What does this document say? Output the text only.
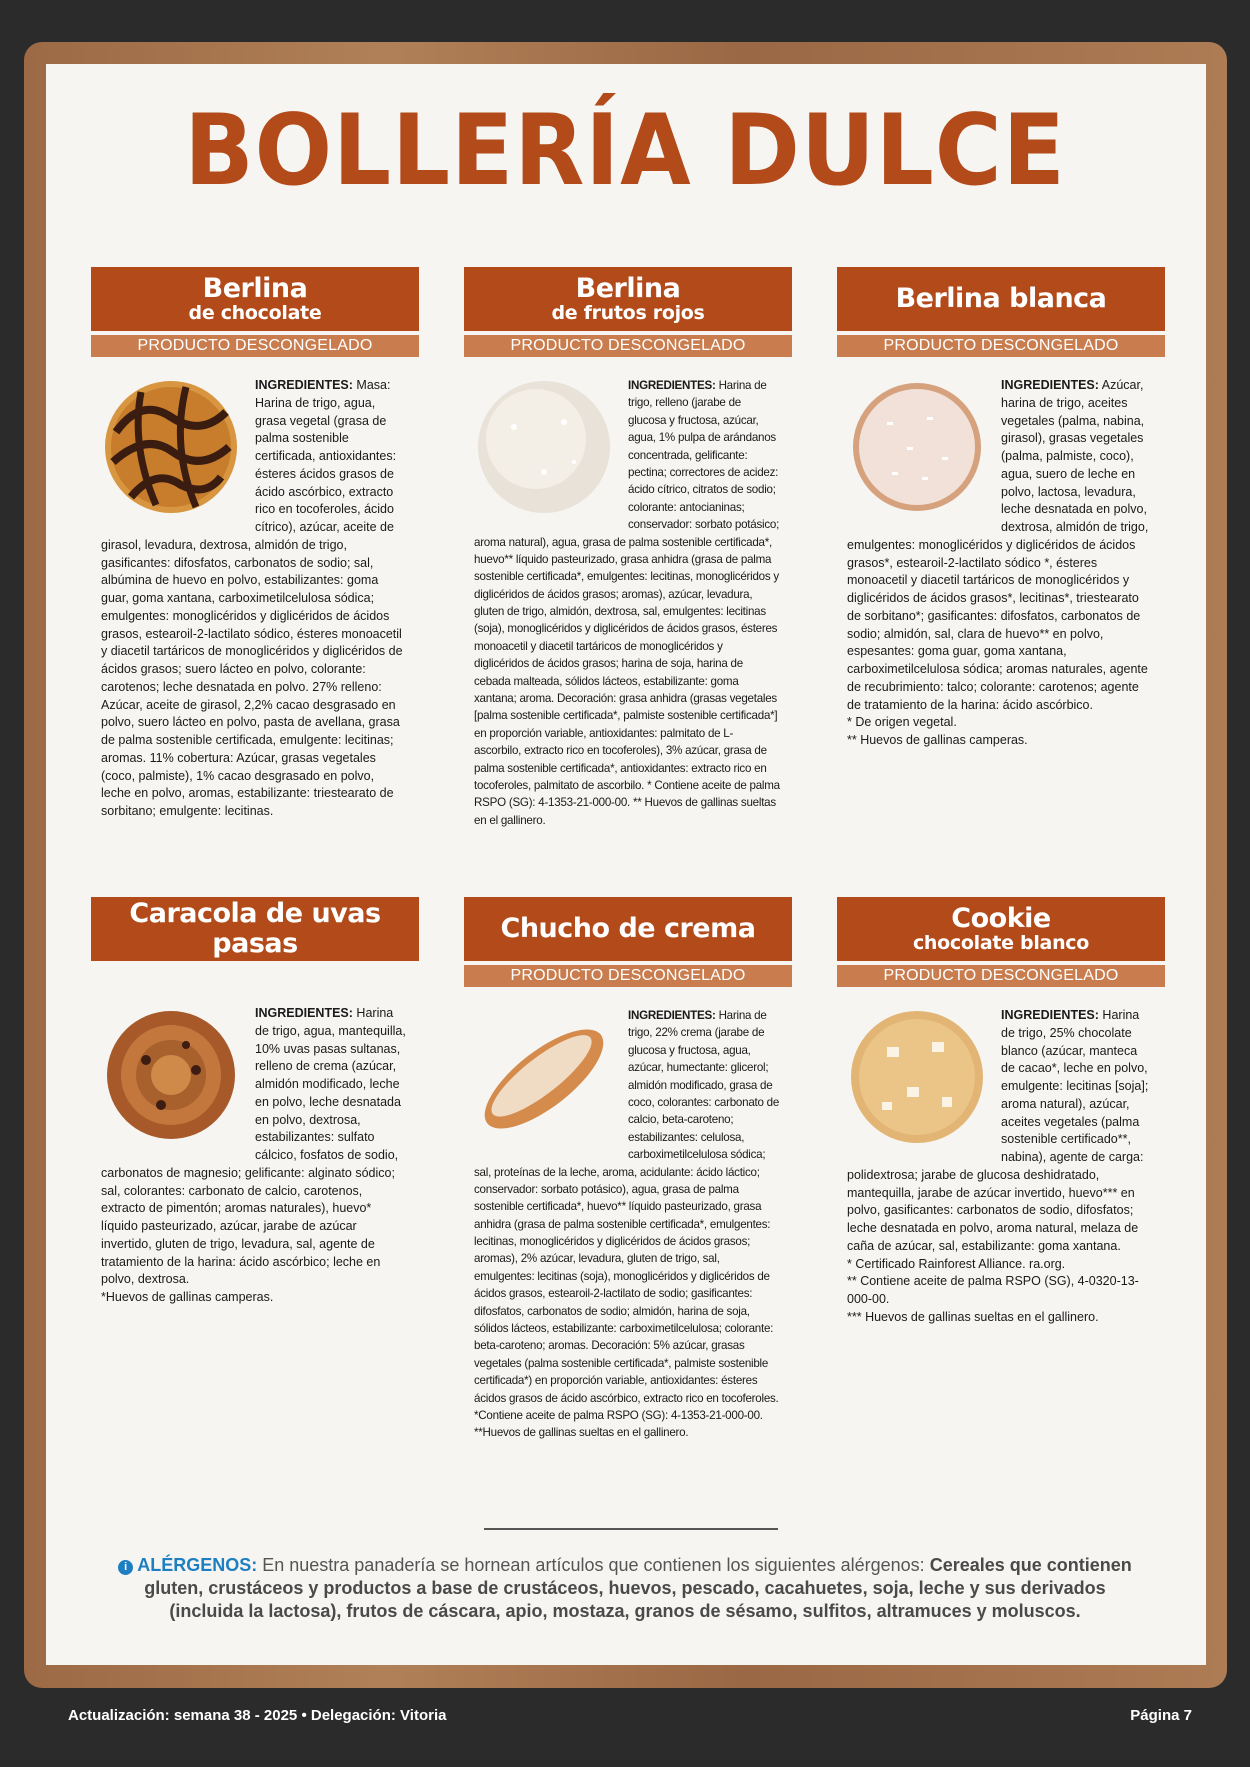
BOLLERÍA DULCE
Berlina
de chocolate
PRODUCTO DESCONGELADO
INGREDIENTES: Masa: Harina de trigo, agua, grasa vegetal (grasa de palma sostenible certificada, antioxidantes: ésteres ácidos grasos de ácido ascórbico, extracto rico en tocoferoles, ácido cítrico), azúcar, aceite de girasol, levadura, dextrosa, almidón de trigo, gasificantes: difosfatos, carbonatos de sodio; sal, albúmina de huevo en polvo, estabilizantes: goma guar, goma xantana, carboximetilcelulosa sódica; emulgentes: monoglicéridos y diglicéridos de ácidos grasos, estearoil-2-lactilato sódico, ésteres monoacetil y diacetil tartáricos de monoglicéridos y diglicéridos de ácidos grasos; suero lácteo en polvo, colorante: carotenos; leche desnatada en polvo. 27% relleno: Azúcar, aceite de girasol, 2,2% cacao desgrasado en polvo, suero lácteo en polvo, pasta de avellana, grasa de palma sostenible certificada, emulgente: lecitinas; aromas. 11% cobertura: Azúcar, grasas vegetales (coco, palmiste), 1% cacao desgrasado en polvo, leche en polvo, aromas, estabilizante: triestearato de sorbitano; emulgente: lecitinas.
Berlina
de frutos rojos
PRODUCTO DESCONGELADO
INGREDIENTES: Harina de trigo, relleno (jarabe de glucosa y fructosa, azúcar, agua, 1% pulpa de arándanos concentrada, gelificante: pectina; correctores de acidez: ácido cítrico, citratos de sodio; colorante: antocianinas; conservador: sorbato potásico; aroma natural), agua, grasa de palma sostenible certificada*, huevo** líquido pasteurizado, grasa anhidra (grasa de palma sostenible certificada*, emulgentes: lecitinas, monoglicéridos y diglicéridos de ácidos grasos; aromas), azúcar, levadura, gluten de trigo, almidón, dextrosa, sal, emulgentes: lecitinas (soja), monoglicéridos y diglicéridos de ácidos grasos, ésteres monoacetil y diacetil tartáricos de monoglicéridos y diglicéridos de ácidos grasos; harina de soja, harina de cebada malteada, sólidos lácteos, estabilizante: goma xantana; aroma. Decoración: grasa anhidra (grasas vegetales [palma sostenible certificada*, palmiste sostenible certificada*] en proporción variable, antioxidantes: palmitato de L-ascorbilo, extracto rico en tocoferoles), 3% azúcar, grasa de palma sostenible certificada*, antioxidantes: extracto rico en tocoferoles, palmitato de ascorbilo. * Contiene aceite de palma RSPO (SG): 4-1353-21-000-00. ** Huevos de gallinas sueltas en el gallinero.
Berlina blanca
PRODUCTO DESCONGELADO
INGREDIENTES: Azúcar, harina de trigo, aceites vegetales (palma, nabina, girasol), grasas vegetales (palma, palmiste, coco), agua, suero de leche en polvo, lactosa, levadura, leche desnatada en polvo, dextrosa, almidón de trigo, emulgentes: monoglicéridos y diglicéridos de ácidos grasos*, estearoil-2-lactilato sódico *, ésteres monoacetil y diacetil tartáricos de monoglicéridos y diglicéridos de ácidos grasos*, lecitinas*, triestearato de sorbitano*; gasificantes: difosfatos, carbonatos de sodio; almidón, sal, clara de huevo** en polvo, espesantes: goma guar, goma xantana, carboximetilcelulosa sódica; aromas naturales, agente de recubrimiento: talco; colorante: carotenos; agente de tratamiento de la harina: ácido ascórbico.
* De origen vegetal.
** Huevos de gallinas camperas.
Caracola de uvas pasas
INGREDIENTES: Harina de trigo, agua, mantequilla, 10% uvas pasas sultanas, relleno de crema (azúcar, almidón modificado, leche en polvo, leche desnatada en polvo, dextrosa, estabilizantes: sulfato cálcico, fosfatos de sodio, carbonatos de magnesio; gelificante: alginato sódico; sal, colorantes: carbonato de calcio, carotenos, extracto de pimentón; aromas naturales), huevo* líquido pasteurizado, azúcar, jarabe de azúcar invertido, gluten de trigo, levadura, sal, agente de tratamiento de la harina: ácido ascórbico; leche en polvo, dextrosa.
*Huevos de gallinas camperas.
Chucho de crema
PRODUCTO DESCONGELADO
INGREDIENTES: Harina de trigo, 22% crema (jarabe de glucosa y fructosa, agua, azúcar, humectante: glicerol; almidón modificado, grasa de coco, colorantes: carbonato de calcio, beta-caroteno; estabilizantes: celulosa, carboximetilcelulosa sódica; sal, proteínas de la leche, aroma, acidulante: ácido láctico; conservador: sorbato potásico), agua, grasa de palma sostenible certificada*, huevo** líquido pasteurizado, grasa anhidra (grasa de palma sostenible certificada*, emulgentes: lecitinas, monoglicéridos y diglicéridos de ácidos grasos; aromas), 2% azúcar, levadura, gluten de trigo, sal, emulgentes: lecitinas (soja), monoglicéridos y diglicéridos de ácidos grasos, estearoil-2-lactilato de sodio; gasificantes: difosfatos, carbonatos de sodio; almidón, harina de soja, sólidos lácteos, estabilizante: carboximetilcelulosa; colorante: beta-caroteno; aromas. Decoración: 5% azúcar, grasas vegetales (palma sostenible certificada*, palmiste sostenible certificada*) en proporción variable, antioxidantes: ésteres ácidos grasos de ácido ascórbico, extracto rico en tocoferoles. *Contiene aceite de palma RSPO (SG): 4-1353-21-000-00. **Huevos de gallinas sueltas en el gallinero.
Cookie
chocolate blanco
PRODUCTO DESCONGELADO
INGREDIENTES: Harina de trigo, 25% chocolate blanco (azúcar, manteca de cacao*, leche en polvo, emulgente: lecitinas [soja]; aroma natural), azúcar, aceites vegetales (palma sostenible certificado**, nabina), agente de carga: polidextrosa; jarabe de glucosa deshidratado, mantequilla, jarabe de azúcar invertido, huevo*** en polvo, gasificantes: carbonatos de sodio, difosfatos; leche desnatada en polvo, aroma natural, melaza de caña de azúcar, sal, estabilizante: goma xantana.
* Certificado Rainforest Alliance. ra.org.
** Contiene aceite de palma RSPO (SG), 4-0320-13-000-00.
*** Huevos de gallinas sueltas en el gallinero.
i ALÉRGENOS: En nuestra panadería se hornean artículos que contienen los siguientes alérgenos: Cereales que contienen gluten, crustáceos y productos a base de crustáceos, huevos, pescado, cacahuetes, soja, leche y sus derivados (incluida la lactosa), frutos de cáscara, apio, mostaza, granos de sésamo, sulfitos, altramuces y moluscos.
Actualización: semana 38 - 2025 • Delegación: Vitoria	Página 7
